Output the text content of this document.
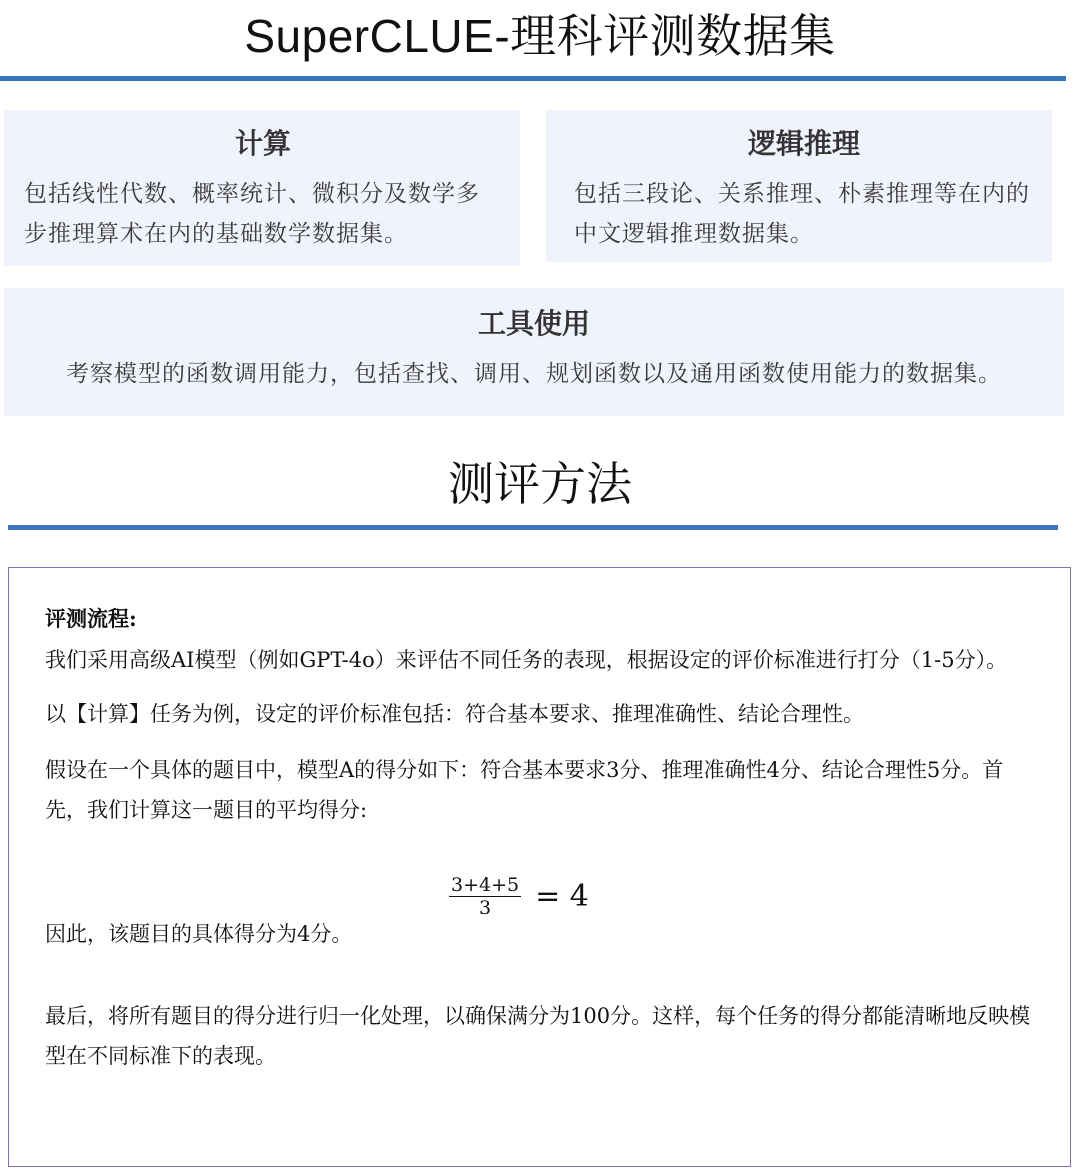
SuperCLUE-理科评测数据集
计算
包括线性代数、概率统计、微积分及数学多步推理算术在内的基础数学数据集。
逻辑推理
包括三段论、关系推理、朴素推理等在内的中文逻辑推理数据集。
工具使用
考察模型的函数调用能力，包括查找、调用、规划函数以及通用函数使用能力的数据集。
测评方法
评测流程:

我们采用高级AI模型（例如GPT-4o）来评估不同任务的表现，根据设定的评价标准进行打分（1-5分）。

以【计算】任务为例，设定的评价标准包括：符合基本要求、推理准确性、结论合理性。

假设在一个具体的题目中，模型A的得分如下：符合基本要求3分、推理准确性4分、结论合理性5分。首先，我们计算这一题目的平均得分:

$\frac{3+4+5}{3} = 4$

因此，该题目的具体得分为4分。

最后，将所有题目的得分进行归一化处理，以确保满分为100分。这样，每个任务的得分都能清晰地反映模型在不同标准下的表现。
